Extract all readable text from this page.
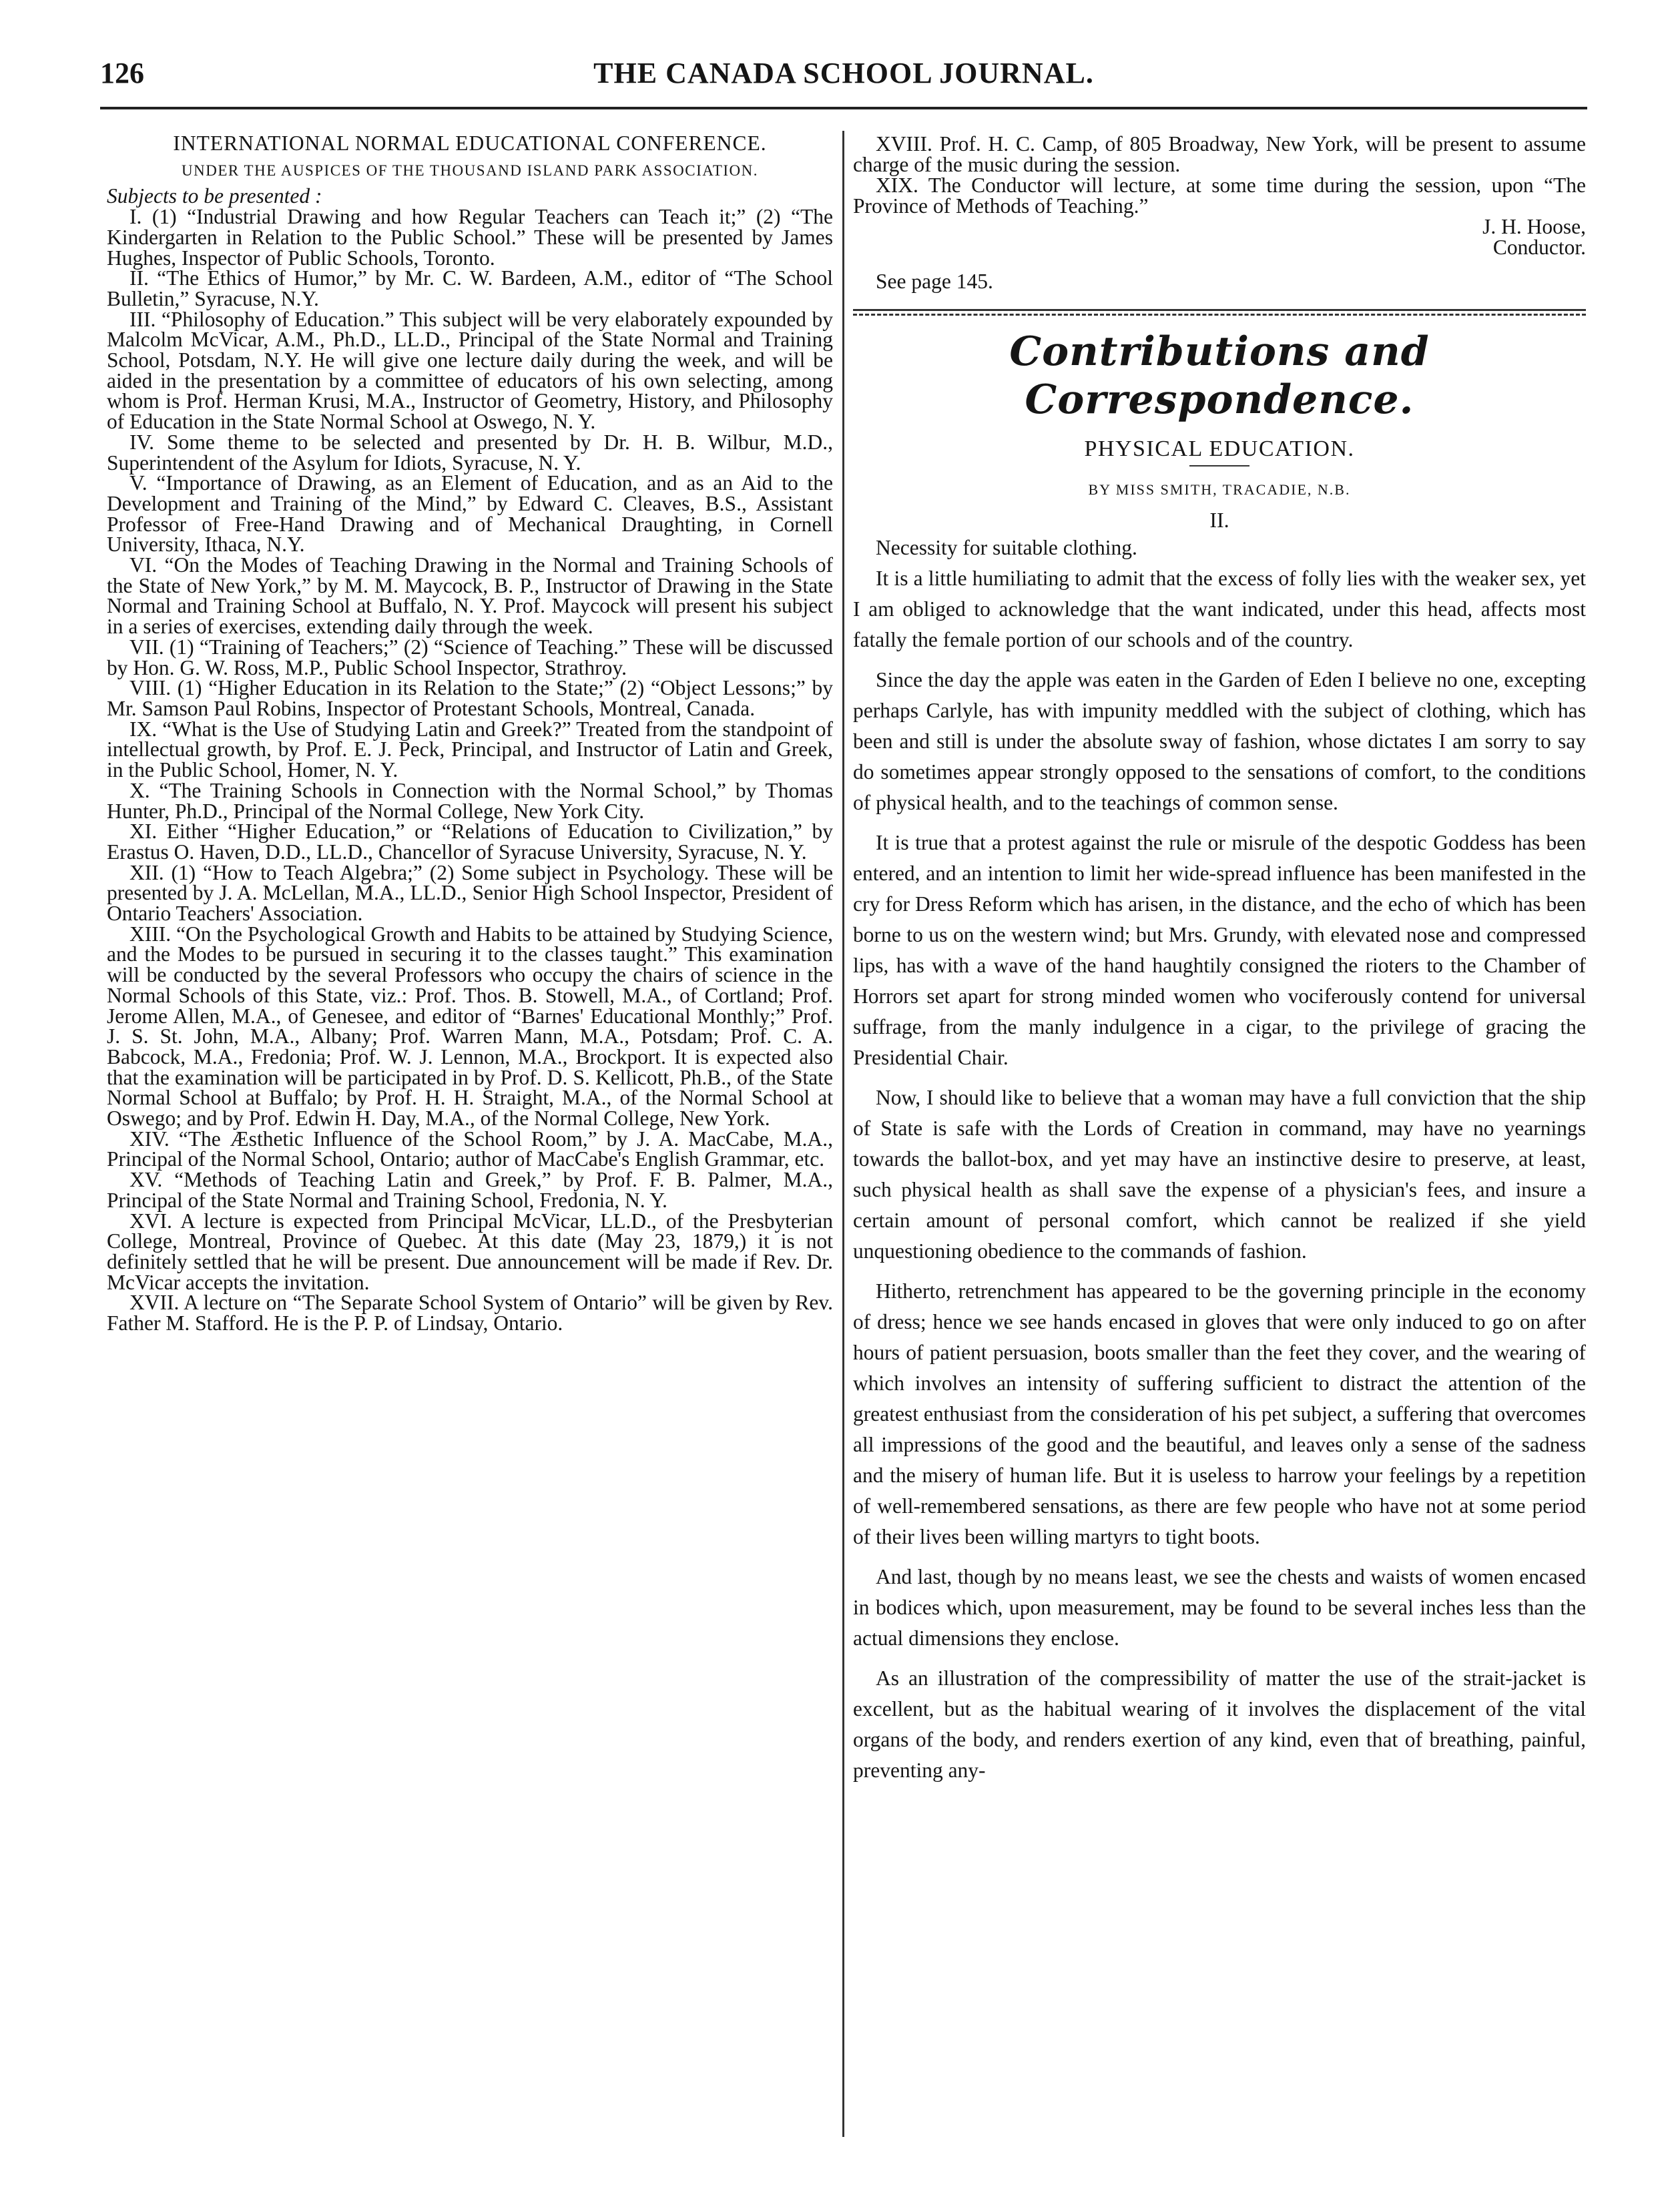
126	THE CANADA SCHOOL JOURNAL.

INTERNATIONAL NORMAL EDUCATIONAL CONFERENCE.

UNDER THE AUSPICES OF THE THOUSAND ISLAND PARK ASSOCIATION.

Subjects to be presented :

I. (1) “Industrial Drawing and how Regular Teachers can Teach it;” (2) “The Kindergarten in Relation to the Public School.” These will be presented by James Hughes, Inspector of Public Schools, Toronto.

II. “The Ethics of Humor,” by Mr. C. W. Bardeen, A.M., editor of “The School Bulletin,” Syracuse, N.Y.

III. “Philosophy of Education.” This subject will be very elaborately expounded by Malcolm McVicar, A.M., Ph.D., LL.D., Principal of the State Normal and Training School, Potsdam, N.Y. He will give one lecture daily during the week, and will be aided in the presentation by a committee of educators of his own selecting, among whom is Prof. Herman Krusi, M.A., Instructor of Geometry, History, and Philosophy of Education in the State Normal School at Oswego, N. Y.

IV. Some theme to be selected and presented by Dr. H. B. Wilbur, M.D., Superintendent of the Asylum for Idiots, Syracuse, N. Y.

V. “Importance of Drawing, as an Element of Education, and as an Aid to the Development and Training of the Mind,” by Edward C. Cleaves, B.S., Assistant Professor of Free-Hand Drawing and of Mechanical Draughting, in Cornell University, Ithaca, N.Y.

VI. “On the Modes of Teaching Drawing in the Normal and Training Schools of the State of New York,” by M. M. Maycock, B. P., Instructor of Drawing in the State Normal and Training School at Buffalo, N. Y. Prof. Maycock will present his subject in a series of exercises, extending daily through the week.

VII. (1) “Training of Teachers;” (2) “Science of Teaching.” These will be discussed by Hon. G. W. Ross, M.P., Public School Inspector, Strathroy.

VIII. (1) “Higher Education in its Relation to the State;” (2) “Object Lessons;” by Mr. Samson Paul Robins, Inspector of Protestant Schools, Montreal, Canada.

IX. “What is the Use of Studying Latin and Greek?” Treated from the standpoint of intellectual growth, by Prof. E. J. Peck, Principal, and Instructor of Latin and Greek, in the Public School, Homer, N. Y.

X. “The Training Schools in Connection with the Normal School,” by Thomas Hunter, Ph.D., Principal of the Normal College, New York City.

XI. Either “Higher Education,” or “Relations of Education to Civilization,” by Erastus O. Haven, D.D., LL.D., Chancellor of Syracuse University, Syracuse, N. Y.

XII. (1) “How to Teach Algebra;” (2) Some subject in Psychology. These will be presented by J. A. McLellan, M.A., LL.D., Senior High School Inspector, President of Ontario Teachers' Association.

XIII. “On the Psychological Growth and Habits to be attained by Studying Science, and the Modes to be pursued in securing it to the classes taught.” This examination will be conducted by the several Professors who occupy the chairs of science in the Normal Schools of this State, viz.: Prof. Thos. B. Stowell, M.A., of Cortland; Prof. Jerome Allen, M.A., of Genesee, and editor of “Barnes' Educational Monthly;” Prof. J. S. St. John, M.A., Albany; Prof. Warren Mann, M.A., Potsdam; Prof. C. A. Babcock, M.A., Fredonia; Prof. W. J. Lennon, M.A., Brockport. It is expected also that the examination will be participated in by Prof. D. S. Kellicott, Ph.B., of the State Normal School at Buffalo; by Prof. H. H. Straight, M.A., of the Normal School at Oswego; and by Prof. Edwin H. Day, M.A., of the Normal College, New York.

XIV. “The Æsthetic Influence of the School Room,” by J. A. MacCabe, M.A., Principal of the Normal School, Ontario; author of MacCabe's English Grammar, etc.

XV. “Methods of Teaching Latin and Greek,” by Prof. F. B. Palmer, M.A., Principal of the State Normal and Training School, Fredonia, N. Y.

XVI. A lecture is expected from Principal McVicar, LL.D., of the Presbyterian College, Montreal, Province of Quebec. At this date (May 23, 1879,) it is not definitely settled that he will be present. Due announcement will be made if Rev. Dr. McVicar accepts the invitation.

XVII. A lecture on “The Separate School System of Ontario” will be given by Rev. Father M. Stafford. He is the P. P. of Lindsay, Ontario.

XVIII. Prof. H. C. Camp, of 805 Broadway, New York, will be present to assume charge of the music during the session.

XIX. The Conductor will lecture, at some time during the session, upon “The Province of Methods of Teaching.”

J. H. Hoose,

Conductor.

See page 145.

Contributions and Correspondence.

PHYSICAL EDUCATION.

BY MISS SMITH, TRACADIE, N.B.

II.

Necessity for suitable clothing.

It is a little humiliating to admit that the excess of folly lies with the weaker sex, yet I am obliged to acknowledge that the want indicated, under this head, affects most fatally the female portion of our schools and of the country.

Since the day the apple was eaten in the Garden of Eden I believe no one, excepting perhaps Carlyle, has with impunity meddled with the subject of clothing, which has been and still is under the absolute sway of fashion, whose dictates I am sorry to say do sometimes appear strongly opposed to the sensations of comfort, to the conditions of physical health, and to the teachings of common sense.

It is true that a protest against the rule or misrule of the despotic Goddess has been entered, and an intention to limit her wide-spread influence has been manifested in the cry for Dress Reform which has arisen, in the distance, and the echo of which has been borne to us on the western wind; but Mrs. Grundy, with elevated nose and compressed lips, has with a wave of the hand haughtily consigned the rioters to the Chamber of Horrors set apart for strong minded women who vociferously contend for universal suffrage, from the manly indulgence in a cigar, to the privilege of gracing the Presidential Chair.

Now, I should like to believe that a woman may have a full conviction that the ship of State is safe with the Lords of Creation in command, may have no yearnings towards the ballot-box, and yet may have an instinctive desire to preserve, at least, such physical health as shall save the expense of a physician's fees, and insure a certain amount of personal comfort, which cannot be realized if she yield unquestioning obedience to the commands of fashion.

Hitherto, retrenchment has appeared to be the governing principle in the economy of dress; hence we see hands encased in gloves that were only induced to go on after hours of patient persuasion, boots smaller than the feet they cover, and the wearing of which involves an intensity of suffering sufficient to distract the attention of the greatest enthusiast from the consideration of his pet subject, a suffering that overcomes all impressions of the good and the beautiful, and leaves only a sense of the sadness and the misery of human life. But it is useless to harrow your feelings by a repetition of well-remembered sensations, as there are few people who have not at some period of their lives been willing martyrs to tight boots.

And last, though by no means least, we see the chests and waists of women encased in bodices which, upon measurement, may be found to be several inches less than the actual dimensions they enclose.

As an illustration of the compressibility of matter the use of the strait-jacket is excellent, but as the habitual wearing of it involves the displacement of the vital organs of the body, and renders exertion of any kind, even that of breathing, painful, preventing any-
